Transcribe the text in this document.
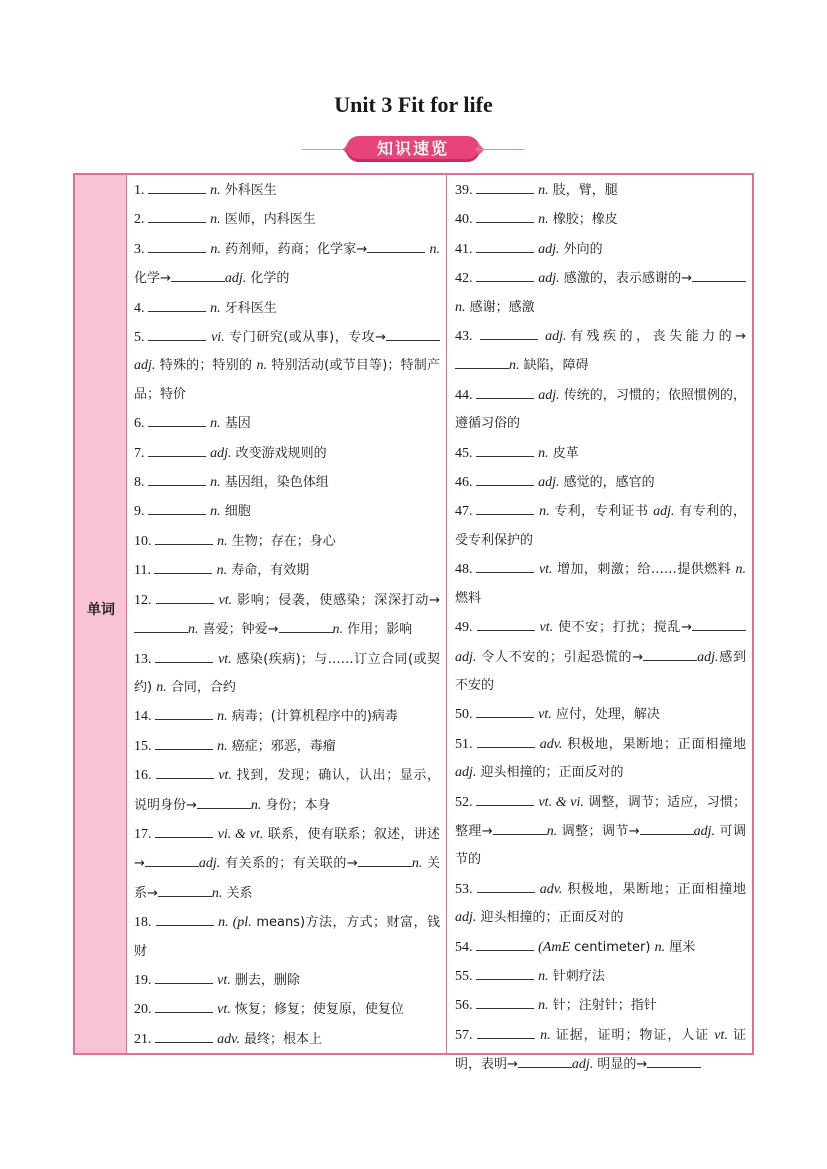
Unit 3 Fit for life
知识速览
单词
1.	n. 外科医生
2.	n. 医师，内科医生
3.	n. 药剂师，药商；化学家→	n. 化学→	adj. 化学的
4.	n. 牙科医生
5.	vi. 专门研究(或从事)，专攻→adj. 特殊的；特别的 n. 特别活动(或节目等)；特制产品；特价
6.	n. 基因
7.	adj. 改变游戏规则的
8.	n. 基因组，染色体组
9.	n. 细胞
10.	n. 生物；存在；身心
11.	n. 寿命，有效期
12.	vt. 影响；侵袭，使感染；深深打动→n. 喜爱；钟爱→	n. 作用；影响
13.	vt. 感染(疾病)；与……订立合同(或契约) n. 合同，合约
14.	n. 病毒；(计算机程序中的)病毒
15.	n. 癌症；邪恶，毒瘤
16.	vt. 找到，发现；确认，认出；显示，说明身份→	n. 身份；本身
17.	vi. & vt. 联系，使有联系；叙述，讲述→	adj. 有关系的；有关联的→	n. 关系→	n. 关系
18.	n. (pl. means)方法，方式；财富，钱财
19.	vt. 删去，删除
20.	vt. 恢复；修复；使复原，使复位
21.	adv. 最终；根本上
39.	n. 肢，臂，腿
40.	n. 橡胶；橡皮
41.	adj. 外向的
42.	adj. 感激的，表示感谢的→n. 感谢；感激
43.	adj.有残疾的，丧失能力的→n. 缺陷，障碍
44.	adj. 传统的，习惯的；依照惯例的，遵循习俗的
45.	n. 皮革
46.	adj. 感觉的，感官的
47.	n. 专利，专利证书 adj. 有专利的，受专利保护的
48.	vt. 增加，刺激；给……提供燃料 n. 燃料
49.	vt. 使不安；打扰；搅乱→adj. 令人不安的；引起恐慌的→	adj.感到不安的
50.	vt. 应付，处理，解决
51.	adv. 积极地，果断地；正面相撞地 adj. 迎头相撞的；正面反对的
52.	vt. & vi. 调整，调节；适应，习惯；整理→	n. 调整；调节→	adj. 可调节的
53.	adv. 积极地，果断地；正面相撞地 adj. 迎头相撞的；正面反对的
54.	(AmE centimeter) n. 厘米
55.	n. 针刺疗法
56.	n. 针；注射针；指针
57.	n. 证据，证明；物证，人证 vt. 证明，表明→	adj. 明显的→
